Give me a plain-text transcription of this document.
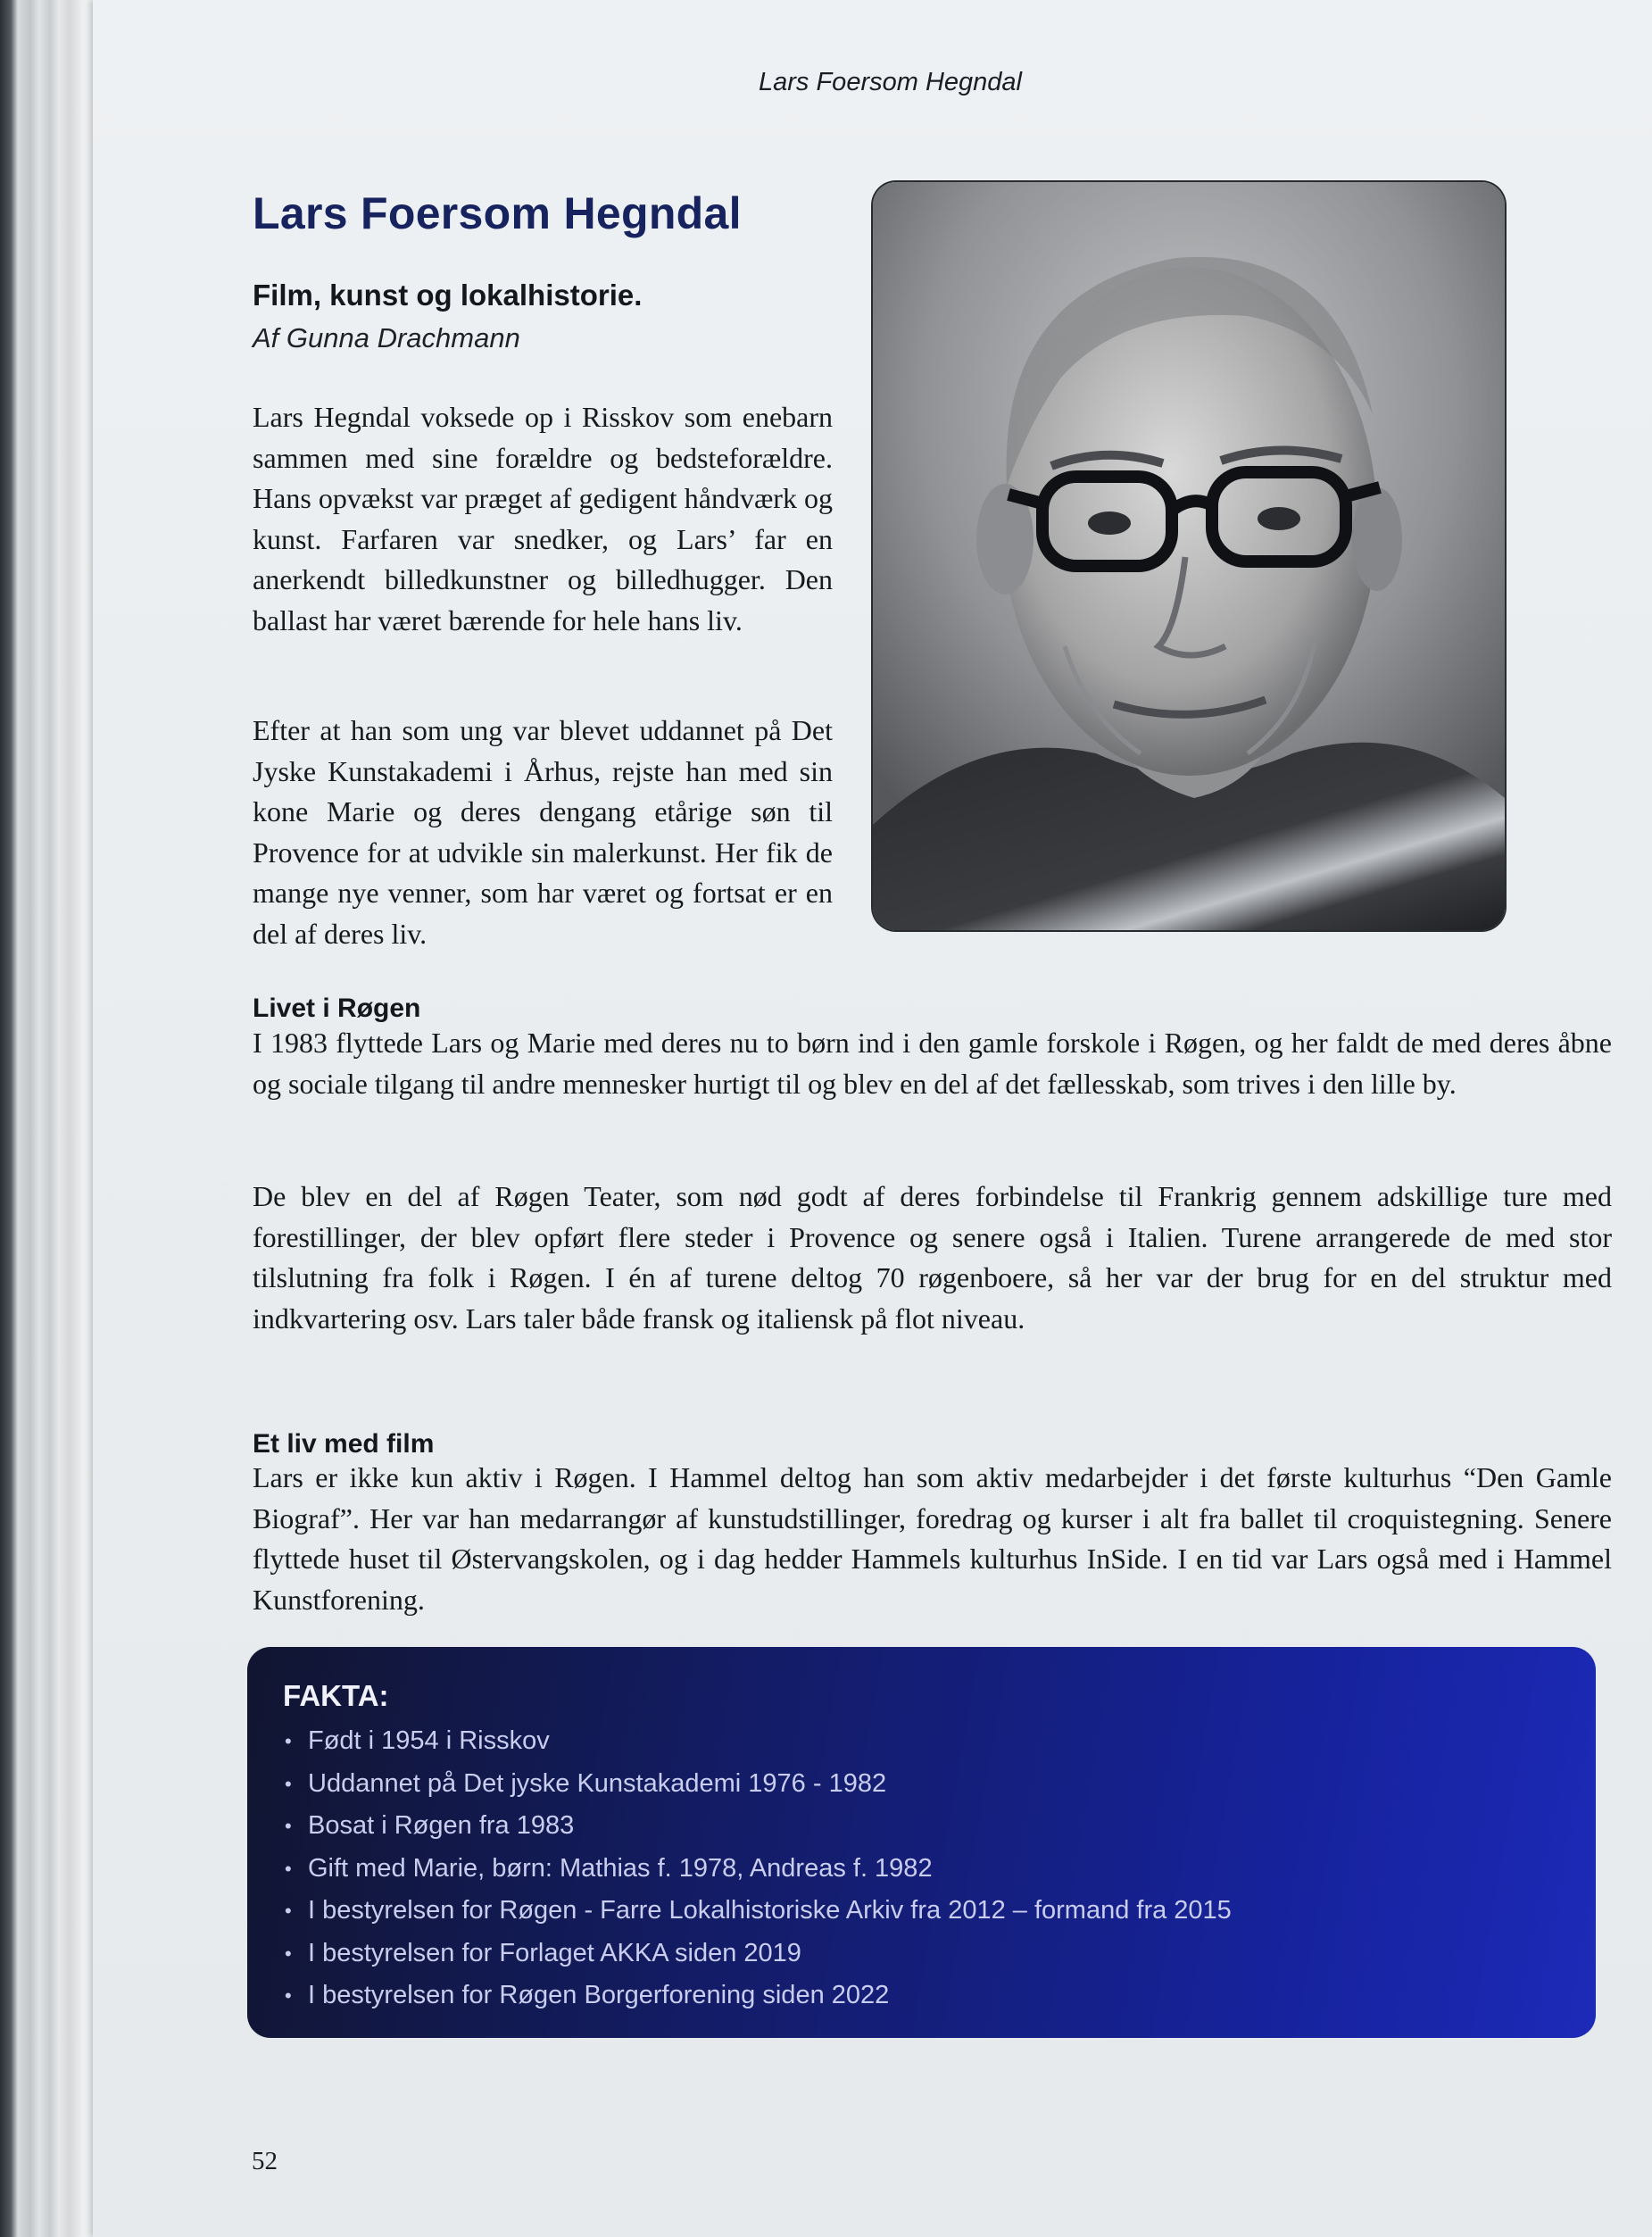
Lars Foersom Hegndal
Lars Foersom Hegndal
Film, kunst og lokalhistorie.

Af Gunna Drachmann

Lars Hegndal voksede op i Risskov som enebarn sammen med sine forældre og bedsteforældre. Hans opvækst var præget af gedigent håndværk og kunst. Farfaren var snedker, og Lars’ far en anerkendt billedkunstner og billedhugger. Den ballast har været bærende for hele hans liv.

Efter at han som ung var blevet uddannet på Det Jyske Kunstakademi i Århus, rejste han med sin kone Marie og deres dengang etårige søn til Provence for at udvikle sin malerkunst. Her fik de mange nye venner, som har været og fortsat er en del af deres liv.

Livet i Røgen

I 1983 flyttede Lars og Marie med deres nu to børn ind i den gamle forskole i Røgen, og her faldt de med deres åbne og sociale tilgang til andre mennesker hurtigt til og blev en del af det fællesskab, som trives i den lille by.

De blev en del af Røgen Teater, som nød godt af deres forbindelse til Frankrig gennem adskillige ture med forestillinger, der blev opført flere steder i Provence og senere også i Italien. Turene arrangerede de med stor tilslutning fra folk i Røgen. I én af turene deltog 70 røgenboere, så her var der brug for en del struktur med indkvartering osv. Lars taler både fransk og italiensk på flot niveau.

Et liv med film

Lars er ikke kun aktiv i Røgen. I Hammel deltog han som aktiv medarbejder i det første kulturhus “Den Gamle Biograf”. Her var han medarrangør af kunstudstillinger, foredrag og kurser i alt fra ballet til croquistegning. Senere flyttede huset til Østervangskolen, og i dag hedder Hammels kulturhus InSide. I en tid var Lars også med i Hammel Kunstforening.

FAKTA:
• Født i 1954 i Risskov
• Uddannet på Det jyske Kunstakademi 1976 - 1982
• Bosat i Røgen fra 1983
• Gift med Marie, børn: Mathias f. 1978, Andreas f. 1982
• I bestyrelsen for Røgen - Farre Lokalhistoriske Arkiv fra 2012 – formand fra 2015
• I bestyrelsen for Forlaget AKKA siden 2019
• I bestyrelsen for Røgen Borgerforening siden 2022
52
